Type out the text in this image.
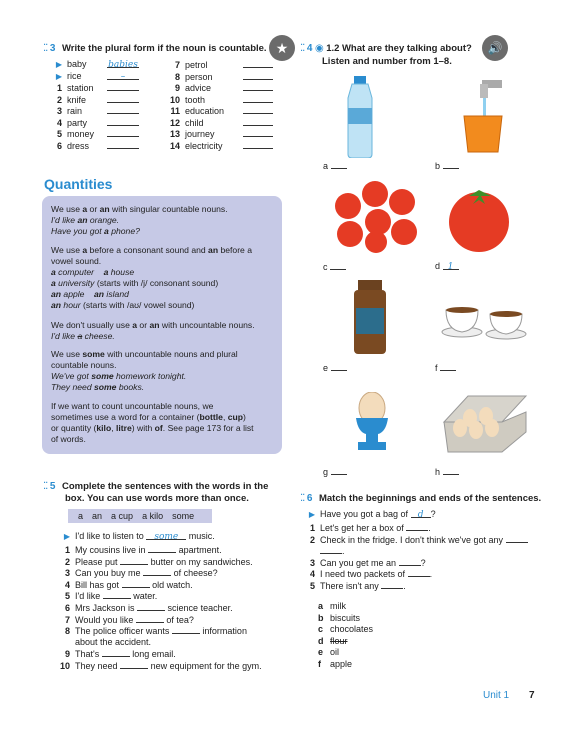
⁚⁚ 3 Write the plural form if the noun is countable. ★
▶ baby babies
▶ rice	–
1 station
2 knife
3 rain
4 party
5 money
6 dress
7 petrol
8 person
9 advice
10 tooth
11 education
12 child
13 journey
14 electricity
⁚⁚ 4 ◉ 1.2 What are they talking about?
Listen and number from 1–8.
🔊
a	b
c	d 1
e	f
g	h
Quantities
We use a or an with singular countable nouns.
I'd like an orange.
Have you got a phone?
We use a before a consonant sound and an before a
vowel sound.
a computer a house
a university (starts with /j/ consonant sound)
an apple an island
an hour (starts with /aʊ/ vowel sound)
We don't usually use a or an with uncountable nouns.
I'd like a cheese.
We use some with uncountable nouns and plural
countable nouns.
We've got some homework tonight.
They need some books.
If we want to count uncountable nouns, we
sometimes use a word for a container (bottle, cup)
or quantity (kilo, litre) with of. See page 173 for a list
of words.
⁚⁚ 5 Complete the sentences with the words in the
box. You can use words more than once.
a an a cup a kilo some
▶ I'd like to listen to some music.
1 My cousins live in	apartment.
2 Please put	butter on my sandwiches.
3 Can you buy me	of cheese?
4 Bill has got	old watch.
5 I'd like	water.
6 Mrs Jackson is	science teacher.
7 Would you like	of tea?
8 The police officer wants	information
about the accident.
9 That's	long email.
10 They need	new equipment for the gym.
⁚⁚ 6 Match the beginnings and ends of the sentences.
▶ Have you got a bag of d ?
1 Let's get her a box of	.
2 Check in the fridge. I don't think we've got any
.
3 Can you get me an	?
4 I need two packets of	.
5 There isn't any	.
a milk
b biscuits
c chocolates
d flour
e oil
f apple
Unit 1 7
